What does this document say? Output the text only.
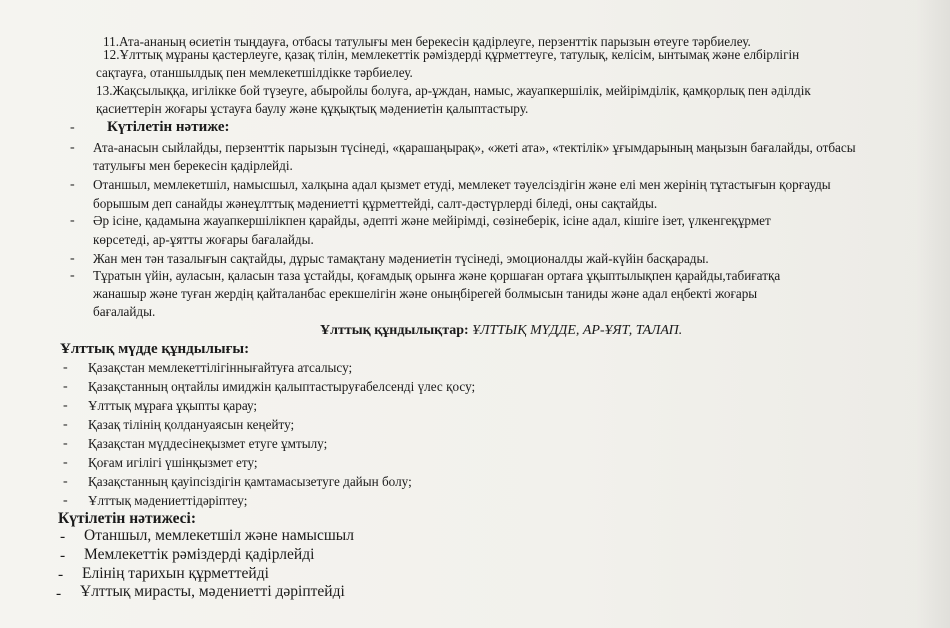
11.Ата-ананың өсиетін тыңдауға, отбасы татулығы мен берекесін қадірлеуге, перзенттік парызын өтеуге тәрбиелеу.
12.Ұлттық мұраны қастерлеуге, қазақ тілін, мемлекеттік рәміздерді құрметтеуге, татулық, келісім, ынтымақ және елбірлігін
сақтауға, отаншылдық пен мемлекетшілдікке тәрбиелеу.
13.Жақсылыққа, игілікке бой түзеуге, абыройлы болуға, ар-ұждан, намыс, жауапкершілік, мейірімділік, қамқорлық пен әділдік
қасиеттерін жоғары ұстауға баулу және құқықтық мәдениетін қалыптастыру.
- Күтілетін нәтиже:
- Ата-анасын сыйлайды, перзенттік парызын түсінеді, «қарашаңырақ», «жеті ата», «тектілік» ұғымдарының маңызын бағалайды, отбасы
татулығы мен берекесін қадірлейді.
- Отаншыл, мемлекетшіл, намысшыл, халқына адал қызмет етуді, мемлекет тәуелсіздігін және елі мен жерінің тұтастығын қорғауды
борышым деп санайды жәнеұлттық мәдениетті құрметтейді, салт-дәстүрлерді біледі, оны сақтайды.
- Әр ісіне, қадамына жауапкершілікпен қарайды, әдепті және мейірімді, сөзінеберік, ісіне адал, кішіге ізет, үлкенгеқұрмет
көрсетеді, ар-ұятты жоғары бағалайды.
- Жан мен тән тазалығын сақтайды, дұрыс тамақтану мәдениетін түсінеді, эмоционалды жай-күйін басқарады.
- Тұратын үйін, ауласын, қаласын таза ұстайды, қоғамдық орынға және қоршаған ортаға ұқыптылықпен қарайды,табиғатқа
жанашыр және туған жердің қайталанбас ерекшелігін және оныңбірегей болмысын таниды және адал еңбекті жоғары
бағалайды.
Ұлттық құндылықтар: ҰЛТТЫҚ МҮДДЕ, АР-ҰЯТ, ТАЛАП.
Ұлттық мүдде құндылығы:
- Қазақстан мемлекеттілігіннығайтуға атсалысу;
- Қазақстанның оңтайлы имиджін қалыптастыруғабелсенді үлес қосу;
- Ұлттық мұраға ұқыпты қарау;
- Қазақ тілінің қолдануаясын кеңейту;
- Қазақстан мүддесінеқызмет етуге ұмтылу;
- Қоғам игілігі үшінқызмет ету;
- Қазақстанның қауіпсіздігін қамтамасызетуге дайын болу;
- Ұлттық мәдениеттідәріптеу;
Күтілетін нәтижесі:
- Отаншыл, мемлекетшіл және намысшыл
- Мемлекеттік рәміздерді қадірлейді
- Елінің тарихын құрметтейді
- Ұлттық мирасты, мәдениетті дәріптейді
